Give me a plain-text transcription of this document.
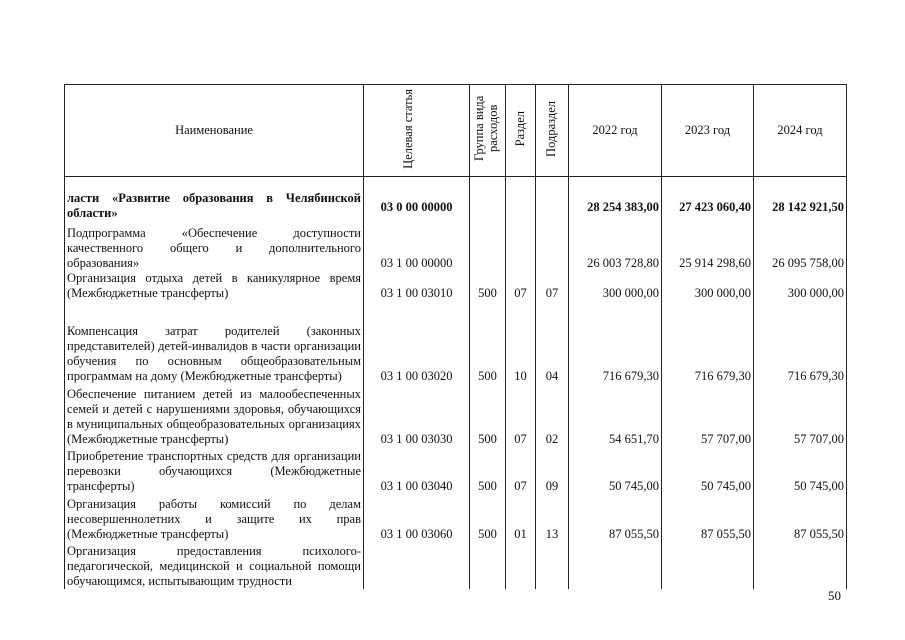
Наименование	Целевая статья	Группа вида расходов	Раздел	Подраздел	2022 год	2023 год	2024 год
ласти «Развитие образования в Челябинской области»	03 0 00 00000				28 254 383,00	27 423 060,40	28 142 921,50
Подпрограмма «Обеспечение доступности качественного общего и дополнительного образования»	03 1 00 00000				26 003 728,80	25 914 298,60	26 095 758,00
Организация отдыха детей в каникулярное время (Межбюджетные трансферты)	03 1 00 03010	500	07	07	300 000,00	300 000,00	300 000,00
Компенсация затрат родителей (законных представителей) детей-инвалидов в части организации обучения по основным общеобразовательным программам на дому (Межбюджетные трансферты)	03 1 00 03020	500	10	04	716 679,30	716 679,30	716 679,30
Обеспечение питанием детей из малообеспеченных семей и детей с нарушениями здоровья, обучающихся в муниципальных общеобразовательных организациях (Межбюджетные трансферты)	03 1 00 03030	500	07	02	54 651,70	57 707,00	57 707,00
Приобретение транспортных средств для организации перевозки обучающихся (Межбюджетные трансферты)	03 1 00 03040	500	07	09	50 745,00	50 745,00	50 745,00
Организация работы комиссий по делам несовершеннолетних и защите их прав (Межбюджетные трансферты)	03 1 00 03060	500	01	13	87 055,50	87 055,50	87 055,50
Организация предоставления психолого-педагогической, медицинской и социальной помощи обучающимся, испытывающим трудности							
50
